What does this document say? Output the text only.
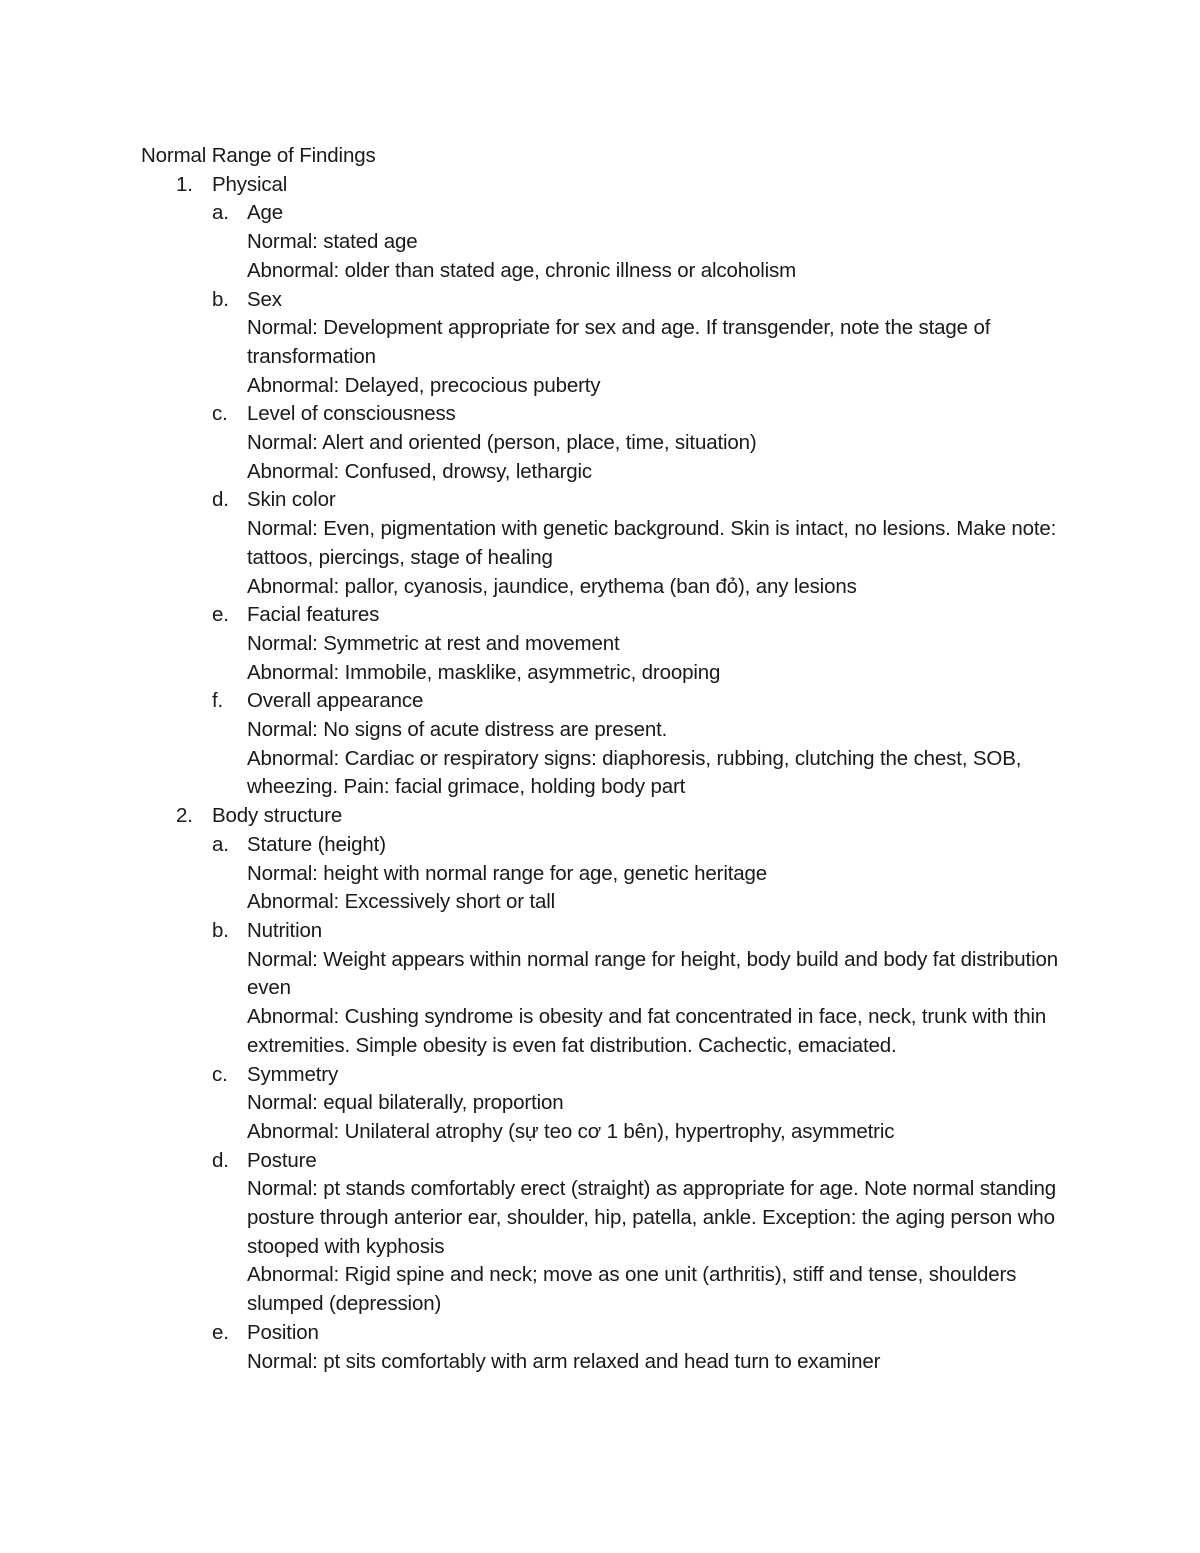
Normal Range of Findings
1. Physical
a. Age
Normal: stated age
Abnormal: older than stated age, chronic illness or alcoholism
b. Sex
Normal: Development appropriate for sex and age. If transgender, note the stage of transformation
Abnormal: Delayed, precocious puberty
c. Level of consciousness
Normal: Alert and oriented (person, place, time, situation)
Abnormal: Confused, drowsy, lethargic
d. Skin color
Normal: Even, pigmentation with genetic background. Skin is intact, no lesions. Make note: tattoos, piercings, stage of healing
Abnormal: pallor, cyanosis, jaundice, erythema (ban đỏ), any lesions
e. Facial features
Normal: Symmetric at rest and movement
Abnormal: Immobile, masklike, asymmetric, drooping
f. Overall appearance
Normal: No signs of acute distress are present.
Abnormal: Cardiac or respiratory signs: diaphoresis, rubbing, clutching the chest, SOB, wheezing. Pain: facial grimace, holding body part
2. Body structure
a. Stature (height)
Normal: height with normal range for age, genetic heritage
Abnormal: Excessively short or tall
b. Nutrition
Normal: Weight appears within normal range for height, body build and body fat distribution even
Abnormal: Cushing syndrome is obesity and fat concentrated in face, neck, trunk with thin extremities. Simple obesity is even fat distribution. Cachectic, emaciated.
c. Symmetry
Normal: equal bilaterally, proportion
Abnormal: Unilateral atrophy (sự teo cơ 1 bên), hypertrophy, asymmetric
d. Posture
Normal: pt stands comfortably erect (straight) as appropriate for age. Note normal standing posture through anterior ear, shoulder, hip, patella, ankle. Exception: the aging person who stooped with kyphosis
Abnormal: Rigid spine and neck; move as one unit (arthritis), stiff and tense, shoulders slumped (depression)
e. Position
Normal: pt sits comfortably with arm relaxed and head turn to examiner
